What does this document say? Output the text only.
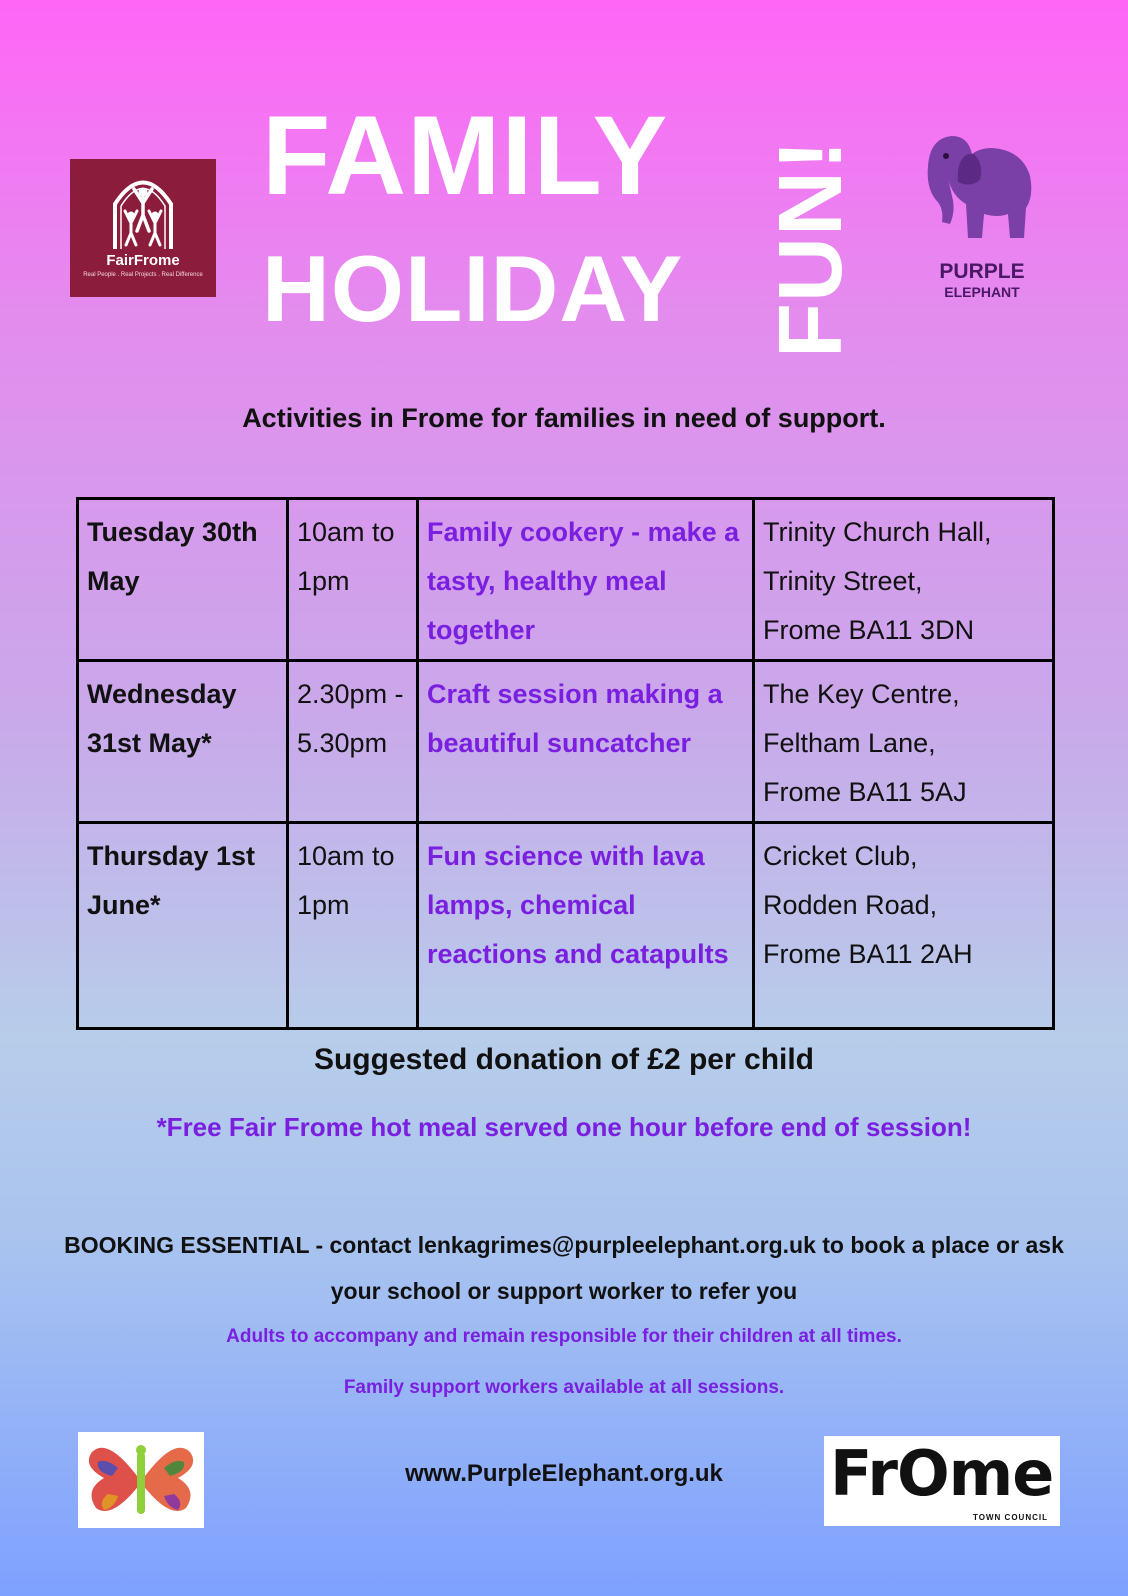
FairFrome
Real People . Real Projects . Real Difference
FAMILY
HOLIDAY FUN!	PURPLE
ELEPHANT
Activities in Frome for families in need of support.
Tuesday 30th May	10am to 1pm	Family cookery - make a tasty, healthy meal together	Trinity Church Hall,
Trinity Street,
Frome BA11 3DN

Wednesday 31st May*	2.30pm - 5.30pm	Craft session making a beautiful suncatcher	The Key Centre,
Feltham Lane,
Frome BA11 5AJ

Thursday 1st June*	10am to 1pm	Fun science with lava lamps, chemical reactions and catapults	Cricket Club,
Rodden Road,
Frome BA11 2AH
Suggested donation of £2 per child
*Free Fair Frome hot meal served one hour before end of session!
BOOKING ESSENTIAL - contact lenkagrimes@purpleelephant.org.uk to book a place or ask your school or support worker to refer you
Adults to accompany and remain responsible for their children at all times.
Family support workers available at all sessions.
www.PurpleElephant.org.uk	FrOme
TOWN COUNCIL
